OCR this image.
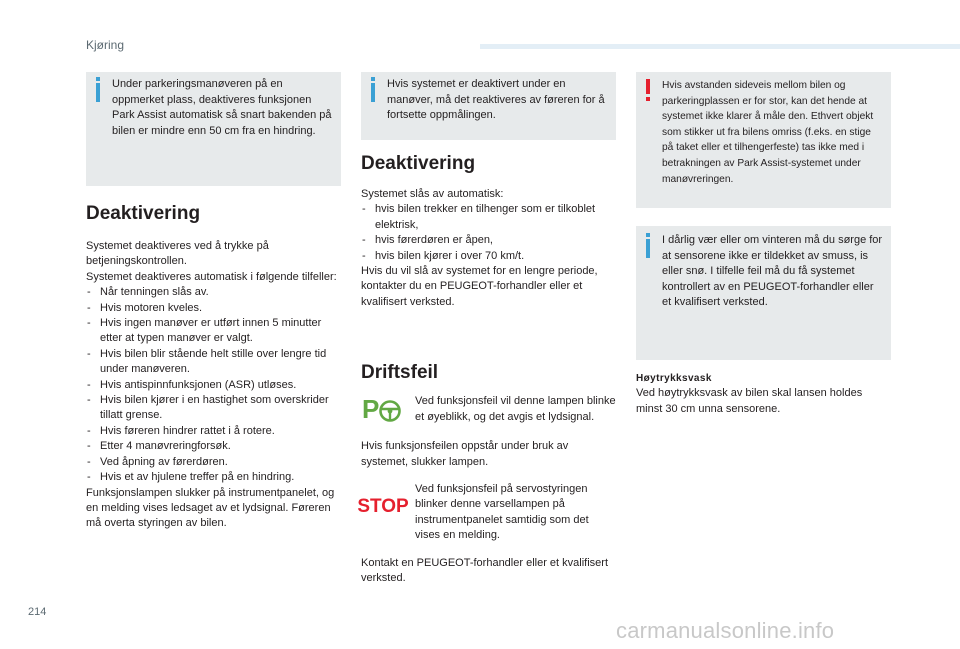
Kjøring
Under parkeringsmanøveren på en oppmerket plass, deaktiveres funksjonen Park Assist automatisk så snart bakenden på bilen er mindre enn 50 cm fra en hindring.
Deaktivering

Systemet deaktiveres ved å trykke på betjeningskontrollen.

Systemet deaktiveres automatisk i følgende tilfeller:

- Når tenningen slås av.
- Hvis motoren kveles.
- Hvis ingen manøver er utført innen 5 minutter etter at typen manøver er valgt.
- Hvis bilen blir stående helt stille over lengre tid under manøveren.
- Hvis antispinnfunksjonen (ASR) utløses.
- Hvis bilen kjører i en hastighet som overskrider tillatt grense.
- Hvis føreren hindrer rattet i å rotere.
- Etter 4 manøvreringforsøk.
- Ved åpning av førerdøren.
- Hvis et av hjulene treffer på en hindring.

Funksjonslampen slukker på instrumentpanelet, og en melding vises ledsaget av et lydsignal. Føreren må overta styringen av bilen.

Hvis systemet er deaktivert under en manøver, må det reaktiveres av føreren for å fortsette oppmålingen.
Deaktivering

Systemet slås av automatisk:

- hvis bilen trekker en tilhenger som er tilkoblet elektrisk,
- hvis førerdøren er åpen,
- hvis bilen kjører i over 70 km/t.

Hvis du vil slå av systemet for en lengre periode, kontakter du en PEUGEOT-forhandler eller et kvalifisert verksted.

Driftsfeil
P	Ved funksjonsfeil vil denne lampen blinke et øyeblikk, og det avgis et lydsignal.

Hvis funksjonsfeilen oppstår under bruk av systemet, slukker lampen.

STOP
Ved funksjonsfeil på servostyringen blinker denne varsellampen på instrumentpanelet samtidig som det vises en melding.

Kontakt en PEUGEOT-forhandler eller et kvalifisert verksted.

Hvis avstanden sideveis mellom bilen og parkeringplassen er for stor, kan det hende at systemet ikke klarer å måle den. Ethvert objekt som stikker ut fra bilens omriss (f.eks. en stige på taket eller et tilhengerfeste) tas ikke med i betrakningen av Park Assist-systemet under manøvreringen.
I dårlig vær eller om vinteren må du sørge for at sensorene ikke er tildekket av smuss, is eller snø. I tilfelle feil må du få systemet kontrollert av en PEUGEOT-forhandler eller et kvalifisert verksted.
Høytrykksvask

Ved høytrykksvask av bilen skal lansen holdes minst 30 cm unna sensorene.

214
carmanualsonline.info
